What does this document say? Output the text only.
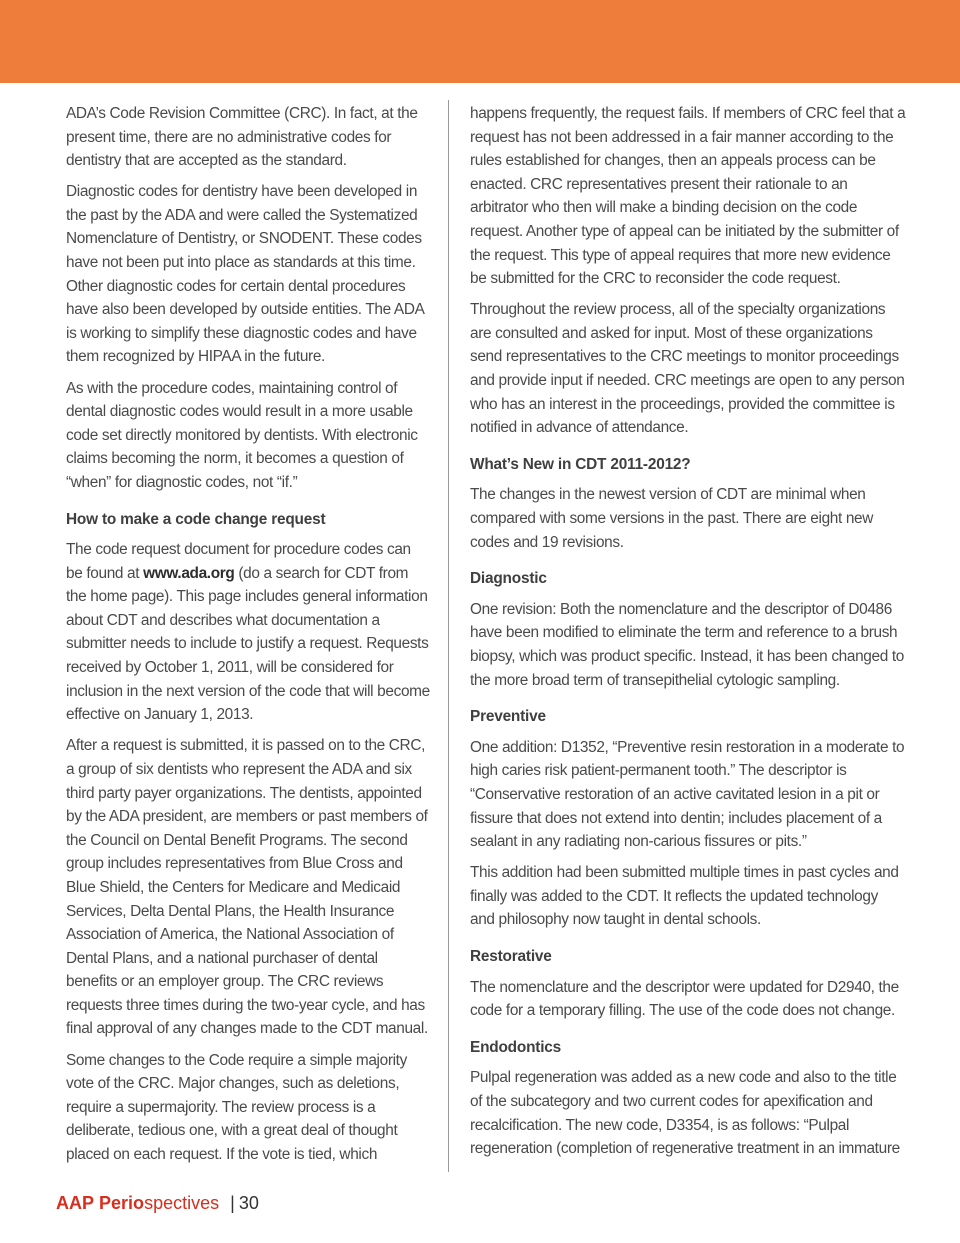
ADA’s Code Revision Committee (CRC). In fact, at the present time, there are no administrative codes for dentistry that are accepted as the standard.

Diagnostic codes for dentistry have been developed in the past by the ADA and were called the Systematized Nomenclature of Dentistry, or SNODENT. These codes have not been put into place as standards at this time. Other diagnostic codes for certain dental procedures have also been developed by outside entities. The ADA is working to simplify these diagnostic codes and have them recognized by HIPAA in the future.

As with the procedure codes, maintaining control of dental diagnostic codes would result in a more usable code set directly monitored by dentists. With electronic claims becoming the norm, it becomes a question of “when” for diagnostic codes, not “if.”

How to make a code change request

The code request document for procedure codes can be found at www.ada.org (do a search for CDT from the home page). This page includes general information about CDT and describes what documentation a submitter needs to include to justify a request. Requests received by October 1, 2011, will be considered for inclusion in the next version of the code that will become effective on January 1, 2013.

After a request is submitted, it is passed on to the CRC, a group of six dentists who represent the ADA and six third party payer organizations. The dentists, appointed by the ADA president, are members or past members of the Council on Dental Benefit Programs. The second group includes representatives from Blue Cross and Blue Shield, the Centers for Medicare and Medicaid Services, Delta Dental Plans, the Health Insurance Association of America, the National Association of Dental Plans, and a national purchaser of dental benefits or an employer group. The CRC reviews requests three times during the two-year cycle, and has final approval of any changes made to the CDT manual.

Some changes to the Code require a simple majority vote of the CRC. Major changes, such as deletions, require a supermajority. The review process is a deliberate, tedious one, with a great deal of thought placed on each request. If the vote is tied, which

happens frequently, the request fails. If members of CRC feel that a request has not been addressed in a fair manner according to the rules established for changes, then an appeals process can be enacted. CRC representatives present their rationale to an arbitrator who then will make a binding decision on the code request. Another type of appeal can be initiated by the submitter of the request. This type of appeal requires that more new evidence be submitted for the CRC to reconsider the code request.

Throughout the review process, all of the specialty organizations are consulted and asked for input. Most of these organizations send representatives to the CRC meetings to monitor proceedings and provide input if needed. CRC meetings are open to any person who has an interest in the proceedings, provided the committee is notified in advance of attendance.

What’s New in CDT 2011-2012?

The changes in the newest version of CDT are minimal when compared with some versions in the past. There are eight new codes and 19 revisions.

Diagnostic

One revision: Both the nomenclature and the descriptor of D0486 have been modified to eliminate the term and reference to a brush biopsy, which was product specific. Instead, it has been changed to the more broad term of transepithelial cytologic sampling.

Preventive

One addition: D1352, “Preventive resin restoration in a moderate to high caries risk patient-permanent tooth.” The descriptor is “Conservative restoration of an active cavitated lesion in a pit or fissure that does not extend into dentin; includes placement of a sealant in any radiating non-carious fissures or pits.”

This addition had been submitted multiple times in past cycles and finally was added to the CDT. It reflects the updated technology and philosophy now taught in dental schools.

Restorative

The nomenclature and the descriptor were updated for D2940, the code for a temporary filling. The use of the code does not change.

Endodontics

Pulpal regeneration was added as a new code and also to the title of the subcategory and two current codes for apexification and recalcification. The new code, D3354, is as follows: “Pulpal regeneration (completion of regenerative treatment in an immature

AAP Periospectives | 30
